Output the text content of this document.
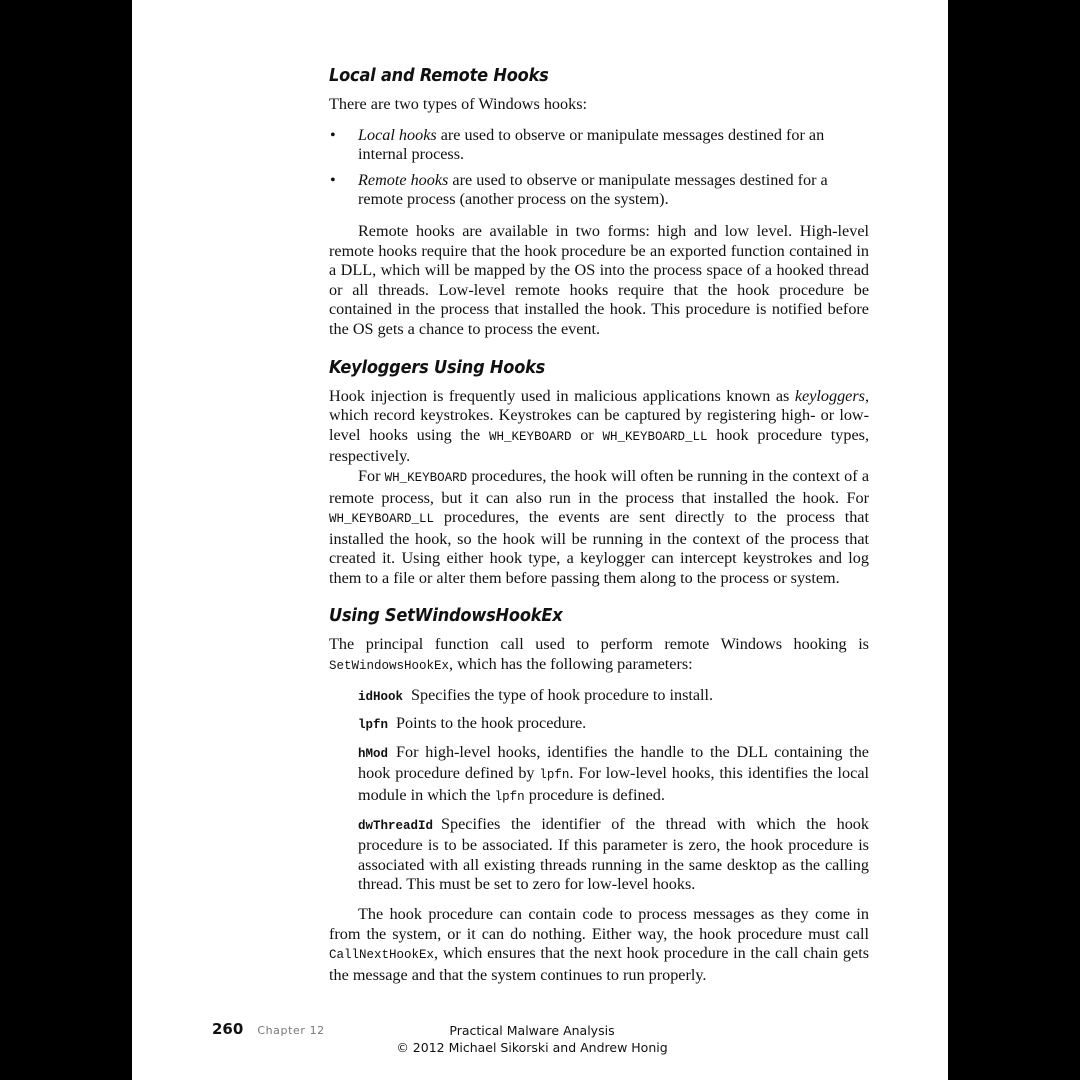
Local and Remote Hooks

There are two types of Windows hooks:

• Local hooks are used to observe or manipulate messages destined for an internal process.
• Remote hooks are used to observe or manipulate messages destined for a remote process (another process on the system).

Remote hooks are available in two forms: high and low level. High-level remote hooks require that the hook procedure be an exported function contained in a DLL, which will be mapped by the OS into the process space of a hooked thread or all threads. Low-level remote hooks require that the hook procedure be contained in the process that installed the hook. This procedure is notified before the OS gets a chance to process the event.

Keyloggers Using Hooks

Hook injection is frequently used in malicious applications known as keyloggers, which record keystrokes. Keystrokes can be captured by registering high- or low-level hooks using the WH_KEYBOARD or WH_KEYBOARD_LL hook procedure types, respectively.

For WH_KEYBOARD procedures, the hook will often be running in the context of a remote process, but it can also run in the process that installed the hook. For WH_KEYBOARD_LL procedures, the events are sent directly to the process that installed the hook, so the hook will be running in the context of the process that created it. Using either hook type, a keylogger can intercept keystrokes and log them to a file or alter them before passing them along to the process or system.

Using SetWindowsHookEx

The principal function call used to perform remote Windows hooking is SetWindowsHookEx, which has the following parameters:

idHook Specifies the type of hook procedure to install.

lpfn Points to the hook procedure.

hMod For high-level hooks, identifies the handle to the DLL containing the hook procedure defined by lpfn. For low-level hooks, this identifies the local module in which the lpfn procedure is defined.

dwThreadId Specifies the identifier of the thread with which the hook procedure is to be associated. If this parameter is zero, the hook procedure is associated with all existing threads running in the same desktop as the calling thread. This must be set to zero for low-level hooks.

The hook procedure can contain code to process messages as they come in from the system, or it can do nothing. Either way, the hook procedure must call CallNextHookEx, which ensures that the next hook procedure in the call chain gets the message and that the system continues to run properly.

260 Chapter 12	Practical Malware Analysis
© 2012 Michael Sikorski and Andrew Honig
